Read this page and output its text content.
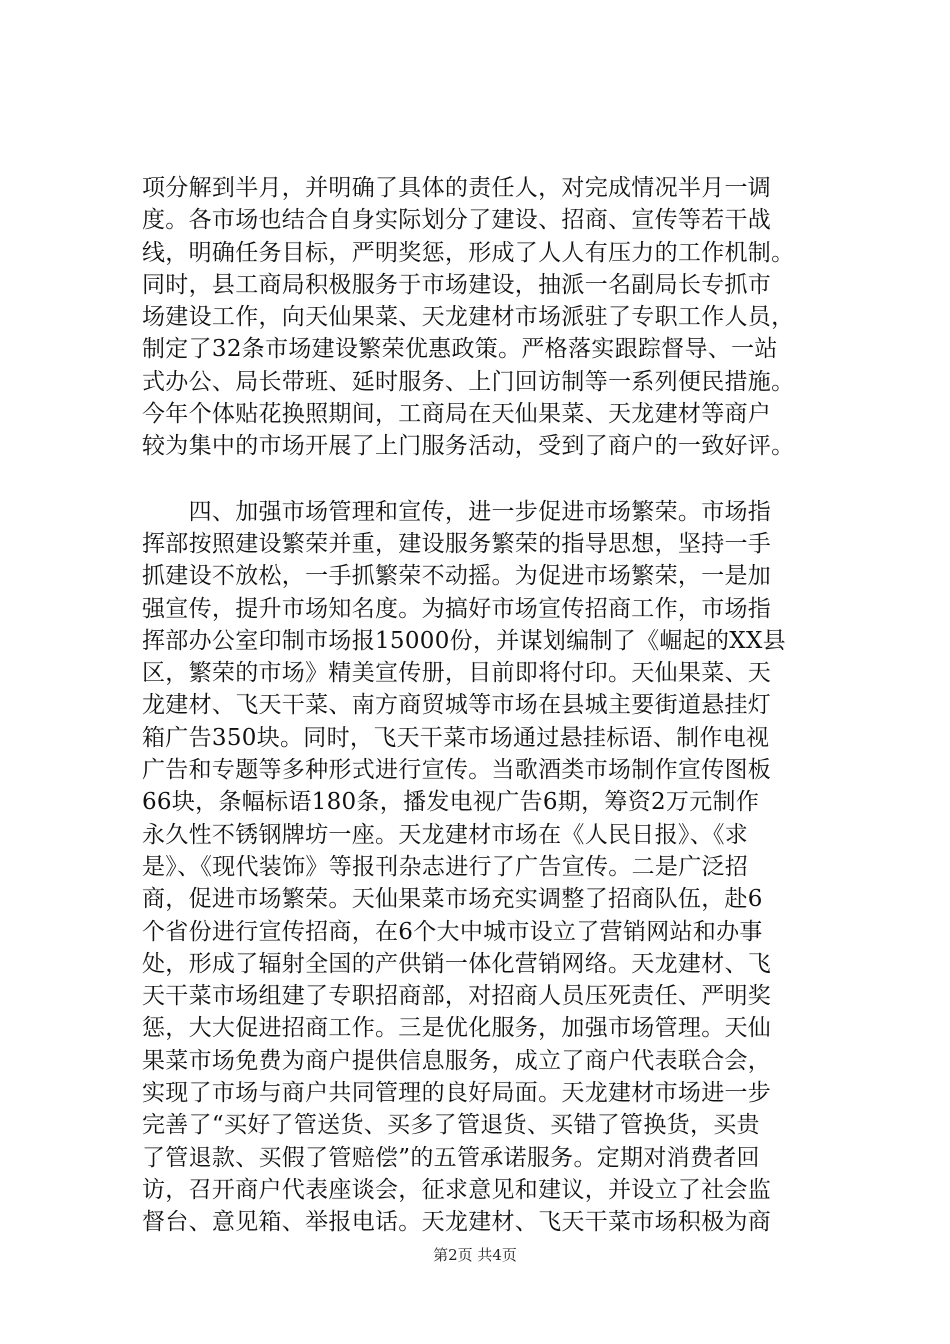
项分解到半月，并明确了具体的责任人，对完成情况半月一调
度。各市场也结合自身实际划分了建设、招商、宣传等若干战
线，明确任务目标，严明奖惩，形成了人人有压力的工作机制。
同时，县工商局积极服务于市场建设，抽派一名副局长专抓市
场建设工作，向天仙果菜、天龙建材市场派驻了专职工作人员，
制定了32条市场建设繁荣优惠政策。严格落实跟踪督导、一站
式办公、局长带班、延时服务、上门回访制等一系列便民措施。
今年个体贴花换照期间，工商局在天仙果菜、天龙建材等商户
较为集中的市场开展了上门服务活动，受到了商户的一致好评。
　　四、加强市场管理和宣传，进一步促进市场繁荣。市场指
挥部按照建设繁荣并重，建设服务繁荣的指导思想，坚持一手
抓建设不放松，一手抓繁荣不动摇。为促进市场繁荣，一是加
强宣传，提升市场知名度。为搞好市场宣传招商工作，市场指
挥部办公室印制市场报15000份，并谋划编制了《崛起的XX县
区，繁荣的市场》精美宣传册，目前即将付印。天仙果菜、天
龙建材、飞天干菜、南方商贸城等市场在县城主要街道悬挂灯
箱广告350块。同时，飞天干菜市场通过悬挂标语、制作电视
广告和专题等多种形式进行宣传。当歌酒类市场制作宣传图板
66块，条幅标语180条，播发电视广告6期，筹资2万元制作
永久性不锈钢牌坊一座。天龙建材市场在《人民日报》、《求
是》、《现代装饰》等报刊杂志进行了广告宣传。二是广泛招
商，促进市场繁荣。天仙果菜市场充实调整了招商队伍，赴6
个省份进行宣传招商，在6个大中城市设立了营销网站和办事
处，形成了辐射全国的产供销一体化营销网络。天龙建材、飞
天干菜市场组建了专职招商部，对招商人员压死责任、严明奖
惩，大大促进招商工作。三是优化服务，加强市场管理。天仙
果菜市场免费为商户提供信息服务，成立了商户代表联合会，
实现了市场与商户共同管理的良好局面。天龙建材市场进一步
完善了“买好了管送货、买多了管退货、买错了管换货，买贵
了管退款、买假了管赔偿”的五管承诺服务。定期对消费者回
访，召开商户代表座谈会，征求意见和建议，并设立了社会监
督台、意见箱、举报电话。天龙建材、飞天干菜市场积极为商
第2页 共4页
